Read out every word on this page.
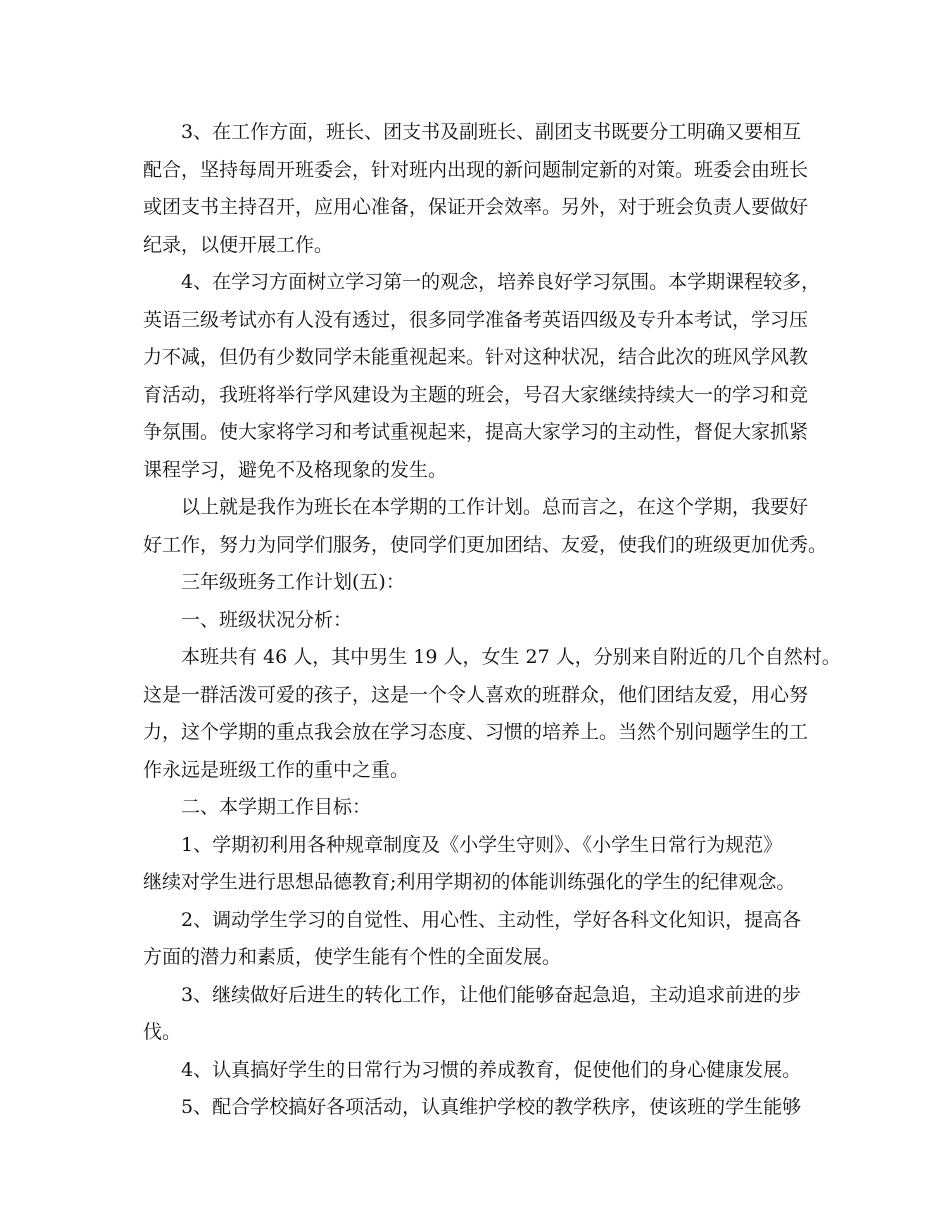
3、在工作方面，班长、团支书及副班长、副团支书既要分工明确又要相互
配合，坚持每周开班委会，针对班内出现的新问题制定新的对策。班委会由班长
或团支书主持召开，应用心准备，保证开会效率。另外，对于班会负责人要做好
纪录，以便开展工作。
4、在学习方面树立学习第一的观念，培养良好学习氛围。本学期课程较多，
英语三级考试亦有人没有透过，很多同学准备考英语四级及专升本考试，学习压
力不减，但仍有少数同学未能重视起来。针对这种状况，结合此次的班风学风教
育活动，我班将举行学风建设为主题的班会，号召大家继续持续大一的学习和竞
争氛围。使大家将学习和考试重视起来，提高大家学习的主动性，督促大家抓紧
课程学习，避免不及格现象的发生。
以上就是我作为班长在本学期的工作计划。总而言之，在这个学期，我要好
好工作，努力为同学们服务，使同学们更加团结、友爱，使我们的班级更加优秀。
三年级班务工作计划(五)：
一、班级状况分析：
本班共有 46 人，其中男生 19 人，女生 27 人，分别来自附近的几个自然村。
这是一群活泼可爱的孩子，这是一个令人喜欢的班群众，他们团结友爱，用心努
力，这个学期的重点我会放在学习态度、习惯的培养上。当然个别问题学生的工
作永远是班级工作的重中之重。
二、本学期工作目标：
1、学期初利用各种规章制度及《小学生守则》、《小学生日常行为规范》
继续对学生进行思想品德教育;利用学期初的体能训练强化的学生的纪律观念。
2、调动学生学习的自觉性、用心性、主动性，学好各科文化知识，提高各
方面的潜力和素质，使学生能有个性的全面发展。
3、继续做好后进生的转化工作，让他们能够奋起急追，主动追求前进的步
伐。
4、认真搞好学生的日常行为习惯的养成教育，促使他们的身心健康发展。
5、配合学校搞好各项活动，认真维护学校的教学秩序，使该班的学生能够
